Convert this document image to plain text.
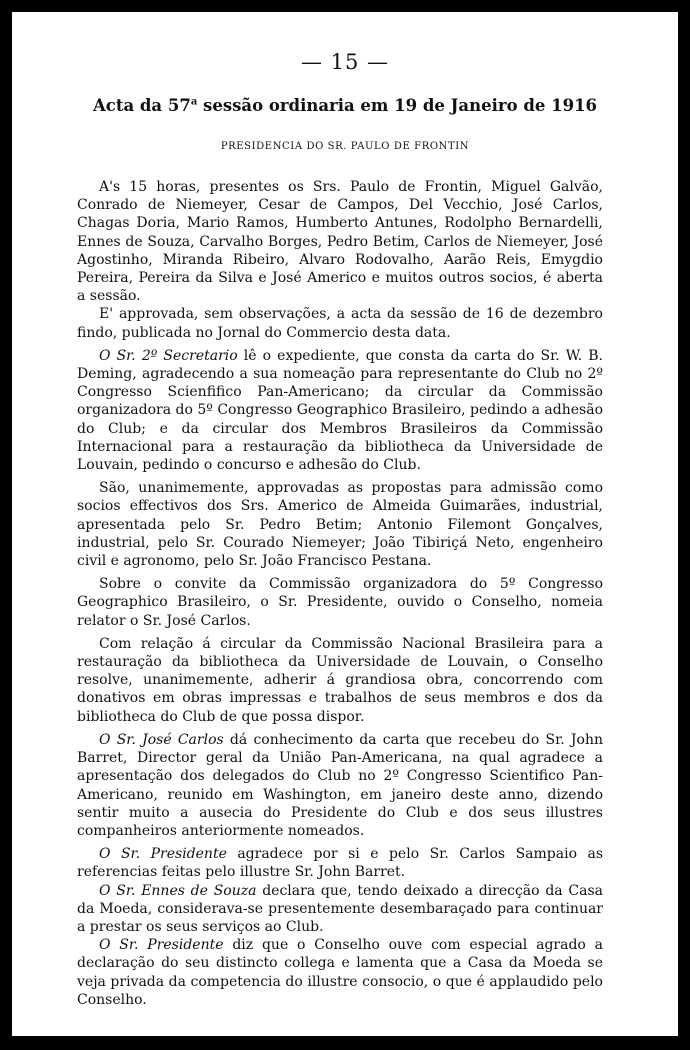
— 15 —
Acta da 57$^a$ sessão ordinaria em 19 de Janeiro de 1916
PRESIDENCIA DO SR. PAULO DE FRONTIN

A's 15 horas, presentes os Srs. Paulo de Frontin, Miguel Galvão, Conrado de Niemeyer, Cesar de Campos, Del Vecchio, José Carlos, Chagas Doria, Mario Ramos, Humberto Antunes, Rodolpho Bernardelli, Ennes de Souza, Carvalho Borges, Pedro Betim, Carlos de Niemeyer, José Agostinho, Miranda Ribeiro, Alvaro Rodovalho, Aarão Reis, Emygdio Pereira, Pereira da Silva e José Americo e muitos outros socios, é aberta a sessão.

E' approvada, sem observações, a acta da sessão de 16 de dezembro findo, publicada no Jornal do Commercio desta data.

O Sr. 2º Secretario lê o expediente, que consta da carta do Sr. W. B. Deming, agradecendo a sua nomeação para representante do Club no 2º Congresso Scienfifico Pan-Americano; da circular da Commissão organizadora do 5º Congresso Geographico Brasileiro, pedindo a adhesão do Club; e da circular dos Membros Brasileiros da Commissão Internacional para a restauração da bibliotheca da Universidade de Louvain, pedindo o concurso e adhesão do Club.

São, unanimemente, approvadas as propostas para admissão como socios effectivos dos Srs. Americo de Almeida Guimarães, industrial, apresentada pelo Sr. Pedro Betim; Antonio Filemont Gonçalves, industrial, pelo Sr. Courado Niemeyer; João Tibiriçá Neto, engenheiro civil e agronomo, pelo Sr. João Francisco Pestana.

Sobre o convite da Commissão organizadora do 5º Congresso Geographico Brasileiro, o Sr. Presidente, ouvido o Conselho, nomeia relator o Sr. José Carlos.

Com relação á circular da Commissão Nacional Brasileira para a restauração da bibliotheca da Universidade de Louvain, o Conselho resolve, unanimemente, adherir á grandiosa obra, concorrendo com donativos em obras impressas e trabalhos de seus membros e dos da bibliotheca do Club de que possa dispor.

O Sr. José Carlos dá conhecimento da carta que recebeu do Sr. John Barret, Director geral da União Pan-Americana, na qual agradece a apresentação dos delegados do Club no 2º Congresso Scientifico Pan-Americano, reunido em Washington, em janeiro deste anno, dizendo sentir muito a ausecia do Presidente do Club e dos seus illustres companheiros anteriormente nomeados.

O Sr. Presidente agradece por si e pelo Sr. Carlos Sampaio as referencias feitas pelo illustre Sr. John Barret.

O Sr. Ennes de Souza declara que, tendo deixado a direcção da Casa da Moeda, considerava-se presentemente desembaraçado para continuar a prestar os seus serviços ao Club.

O Sr. Presidente diz que o Conselho ouve com especial agrado a declaração do seu distincto collega e lamenta que a Casa da Moeda se veja privada da competencia do illustre consocio, o que é applaudido pelo Conselho.
